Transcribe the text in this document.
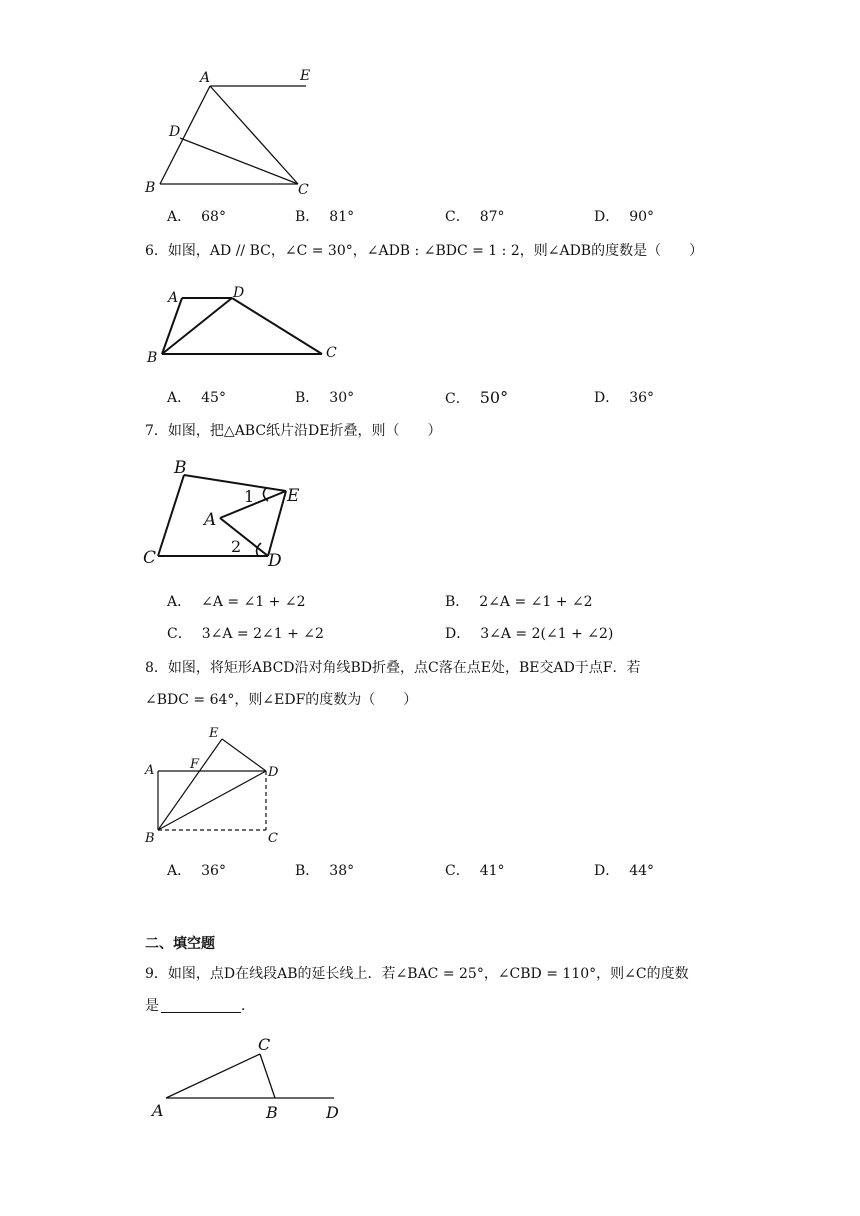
A	E
D
B	C
A． 68°	B． 81°	C． 87°	D． 90°
6．如图，AD // BC，∠C = 30°，∠ADB : ∠BDC = 1 : 2，则∠ADB的度数是（　　）
A	D
B	C
A． 45°	B． 30°	C． 50°	D． 36°
7．如图，把△ABC纸片沿DE折叠，则（　　）
B
E
A
C	D
1
2
A． ∠A = ∠1 + ∠2	B． 2∠A = ∠1 + ∠2
C． 3∠A = 2∠1 + ∠2	D． 3∠A = 2(∠1 + ∠2)
8．如图，将矩形ABCD沿对角线BD折叠，点C落在点E处，BE交AD于点F．若
∠BDC = 64°，则∠EDF的度数为（　　）
E
A	F
D
B	C
A． 36°	B． 38°	C． 41°	D． 44°
二、填空题
9．如图，点D在线段AB的延长线上．若∠BAC = 25°，∠CBD = 110°，则∠C的度数
是	．
C
A	B	D
